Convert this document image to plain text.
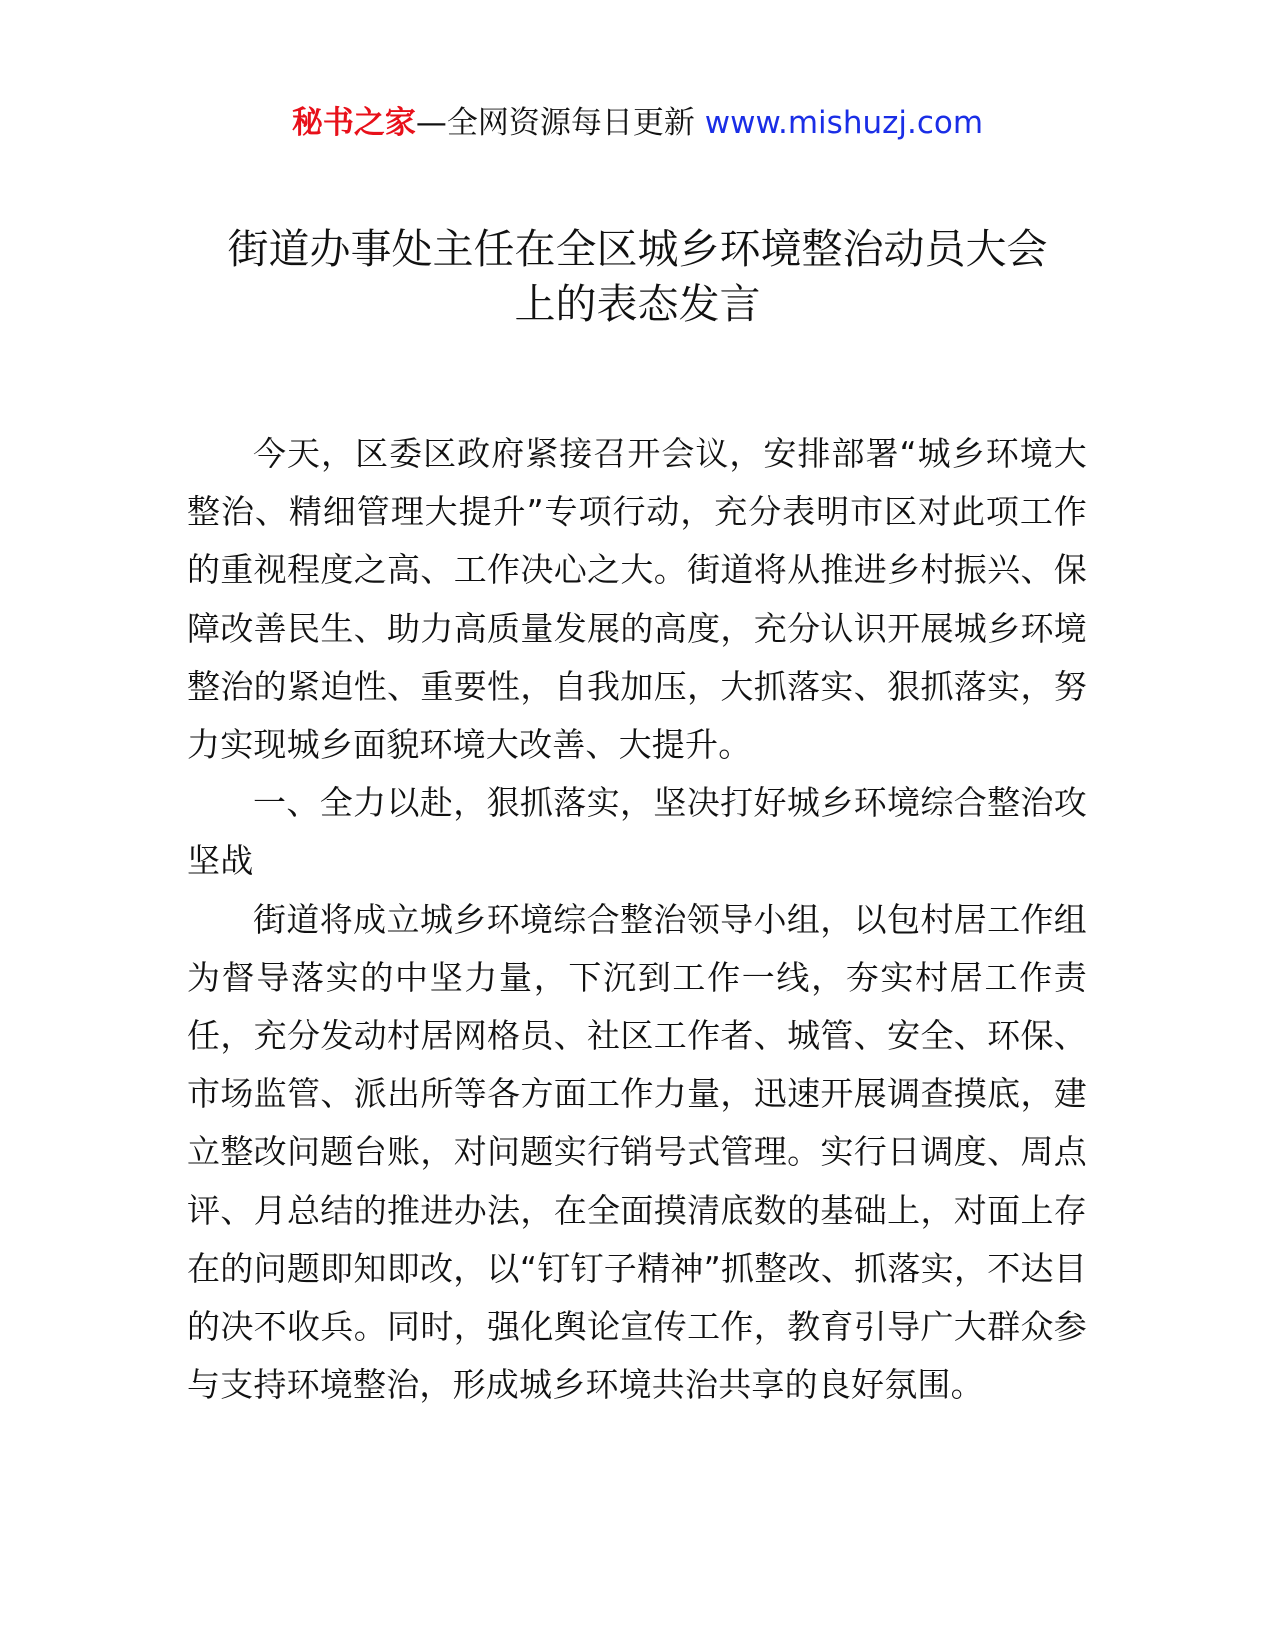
秘书之家—全网资源每日更新 www.mishuzj.com
街道办事处主任在全区城乡环境整治动员大会
上的表态发言

今天，区委区政府紧接召开会议，安排部署“城乡环境大整治、精细管理大提升”专项行动，充分表明市区对此项工作的重视程度之高、工作决心之大。街道将从推进乡村振兴、保障改善民生、助力高质量发展的高度，充分认识开展城乡环境整治的紧迫性、重要性，自我加压，大抓落实、狠抓落实，努力实现城乡面貌环境大改善、大提升。

一、全力以赴，狠抓落实，坚决打好城乡环境综合整治攻坚战

街道将成立城乡环境综合整治领导小组，以包村居工作组为督导落实的中坚力量，下沉到工作一线，夯实村居工作责任，充分发动村居网格员、社区工作者、城管、安全、环保、市场监管、派出所等各方面工作力量，迅速开展调查摸底，建立整改问题台账，对问题实行销号式管理。实行日调度、周点评、月总结的推进办法，在全面摸清底数的基础上，对面上存在的问题即知即改，以“钉钉子精神”抓整改、抓落实，不达目的决不收兵。同时，强化舆论宣传工作，教育引导广大群众参与支持环境整治，形成城乡环境共治共享的良好氛围。
